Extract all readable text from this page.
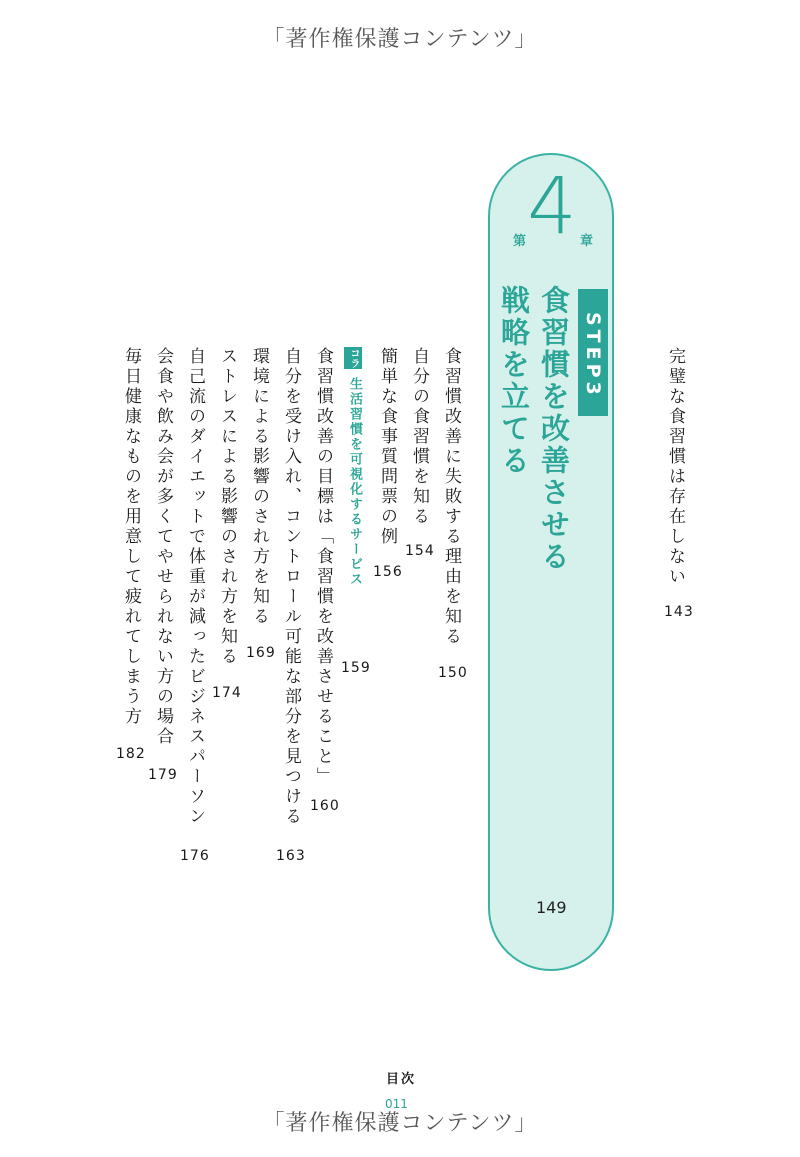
「著作権保護コンテンツ」
完璧な食習慣は存在しない
143
第 4 章
STEP3
食習慣を改善させる
戦略を立てる
149
食習慣改善に失敗する理由を知る
150
自分の食習慣を知る
154
簡単な食事質問票の例
156
コラム
生活習慣を可視化するサービス
159
食習慣改善の目標は「食習慣を改善させること」
160
自分を受け入れ、コントロール可能な部分を見つける
163
環境による影響のされ方を知る
169
ストレスによる影響のされ方を知る
174
自己流のダイエットで体重が減ったビジネスパーソン
176
会食や飲み会が多くてやせられない方の場合
179
毎日健康なものを用意して疲れてしまう方
182
目次
011
「著作権保護コンテンツ」
